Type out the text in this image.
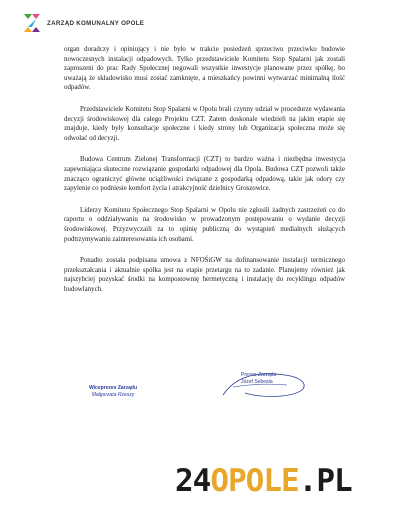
ZARZĄD KOMUNALNY OPOLE

organ doradczy i opiniujący i nie było w trakcie posiedzeń sprzeciwu przeciwko budowie nowoczesnych instalacji odpadowych. Tylko przedstawiciele Komitetu Stop Spalarni jak zostali zaproszeni do prac Rady Społecznej negowali wszystkie inwestycje planowane przez spółkę, bo uważają że składowisko musi zostać zamknięte, a mieszkańcy powinni wytwarzać minimalną ilość odpadów.

Przedstawiciele Komitetu Stop Spalarni w Opolu brali czynny udział w procedurze wydawania decyzji środowiskowej dla całego Projektu CZT. Zatem doskonale wiedzieli na jakim etapie się znajduje, kiedy były konsultacje społeczne i kiedy strony lub Organizacja społeczna może się odwołać od decyzji.

Budowa Centrum Zielonej Transformacji (CZT) to bardzo ważna i niezbędna inwestycja zapewniająca skuteczne rozwiązanie gospodarki odpadowej dla Opola. Budowa CZT pozwoli także znacząco ograniczyć główne uciążliwości związane z gospodarką odpadową, takie jak odory czy zapylenie co podniesie komfort życia i atrakcyjność dzielnicy Groszowice.

Liderzy Komitetu Społecznego Stop Spalarni w Opolu nie zgłosili żadnych zastrzeżeń co do raportu o oddziaływaniu na środowisko w prowadzonym postępowaniu o wydanie decyzji środowiskowej. Przyzwyczaili za to opinię publiczną do wystąpień medialnych służących podtrzymywaniu zainteresowania ich osobami.

Ponadto została podpisana umowa z NFOŚiGW na dofinansowanie instalacji termicznego przekształcania i aktualnie spółka jest na etapie przetargu na to zadanie. Planujemy również jak najszybciej pozyskać środki na kompostownię hermetyczną i instalację do recyklingu odpadów budowlanych.

Wiceprezes Zarządu
Małgorzata Rzeszy
Prezes Zarządu
Józef Sebesta
24 OPOLE .PL
